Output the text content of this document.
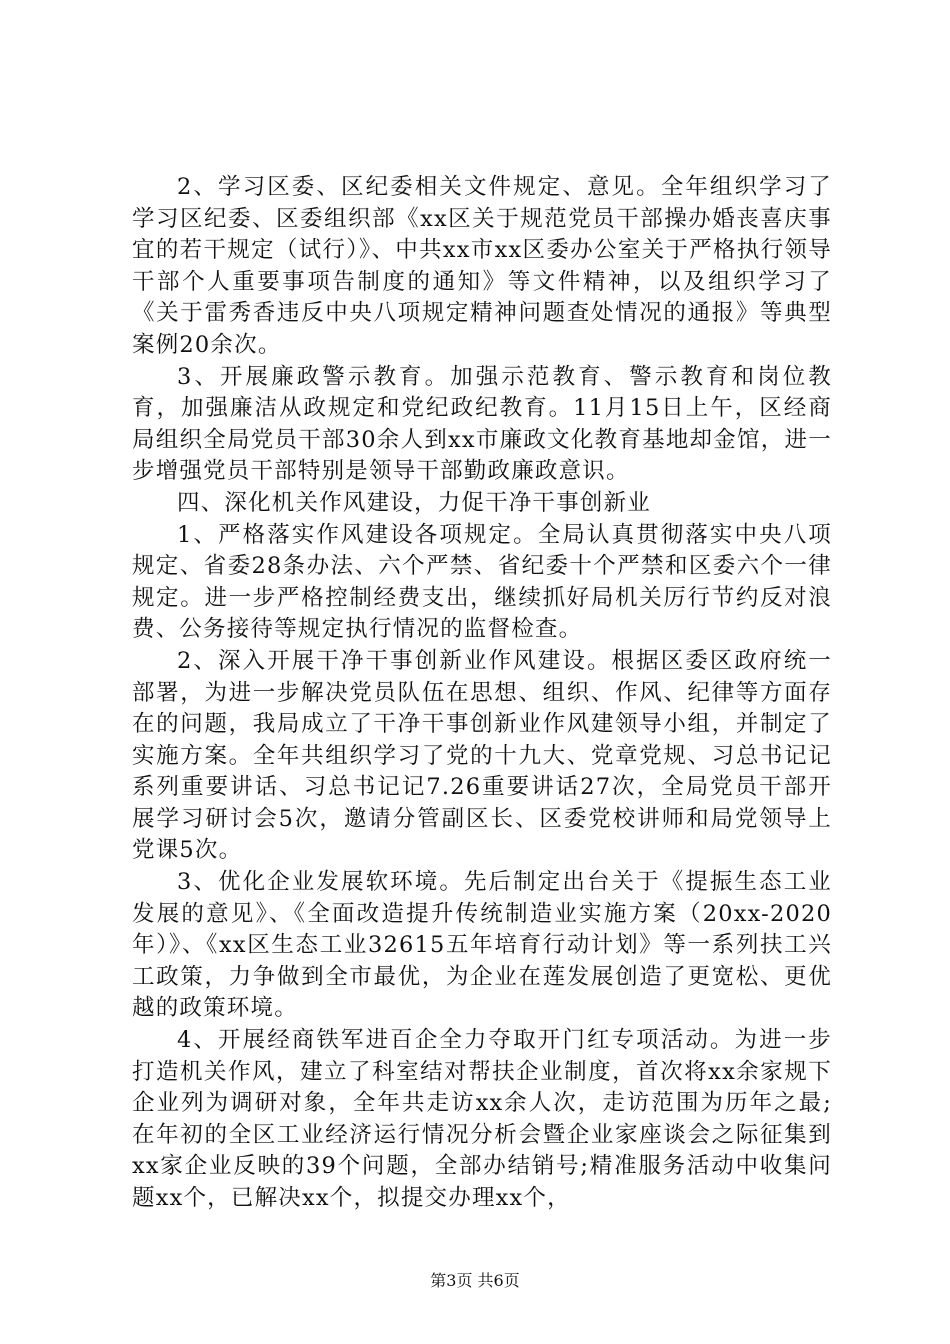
2、学习区委、区纪委相关文件规定、意见。全年组织学习了学习区纪委、区委组织部《xx区关于规范党员干部操办婚丧喜庆事宜的若干规定（试行）》、中共xx市xx区委办公室关于严格执行领导干部个人重要事项告制度的通知》等文件精神，以及组织学习了《关于雷秀香违反中央八项规定精神问题查处情况的通报》等典型案例20余次。

3、开展廉政警示教育。加强示范教育、警示教育和岗位教育，加强廉洁从政规定和党纪政纪教育。11月15日上午，区经商局组织全局党员干部30余人到xx市廉政文化教育基地却金馆，进一步增强党员干部特别是领导干部勤政廉政意识。

四、深化机关作风建设，力促干净干事创新业

1、严格落实作风建设各项规定。全局认真贯彻落实中央八项规定、省委28条办法、六个严禁、省纪委十个严禁和区委六个一律规定。进一步严格控制经费支出，继续抓好局机关厉行节约反对浪费、公务接待等规定执行情况的监督检查。

2、深入开展干净干事创新业作风建设。根据区委区政府统一部署，为进一步解决党员队伍在思想、组织、作风、纪律等方面存在的问题，我局成立了干净干事创新业作风建领导小组，并制定了实施方案。全年共组织学习了党的十九大、党章党规、习总书记记系列重要讲话、习总书记记7.26重要讲话27次，全局党员干部开展学习研讨会5次，邀请分管副区长、区委党校讲师和局党领导上党课5次。

3、优化企业发展软环境。先后制定出台关于《提振生态工业发展的意见》、《全面改造提升传统制造业实施方案（20xx-2020年）》、《xx区生态工业32615五年培育行动计划》等一系列扶工兴工政策，力争做到全市最优，为企业在莲发展创造了更宽松、更优越的政策环境。

4、开展经商铁军进百企全力夺取开门红专项活动。为进一步打造机关作风，建立了科室结对帮扶企业制度，首次将xx余家规下企业列为调研对象，全年共走访xx余人次，走访范围为历年之最;在年初的全区工业经济运行情况分析会暨企业家座谈会之际征集到xx家企业反映的39个问题，全部办结销号;精准服务活动中收集问题xx个，已解决xx个，拟提交办理xx个，

第3页 共6页
